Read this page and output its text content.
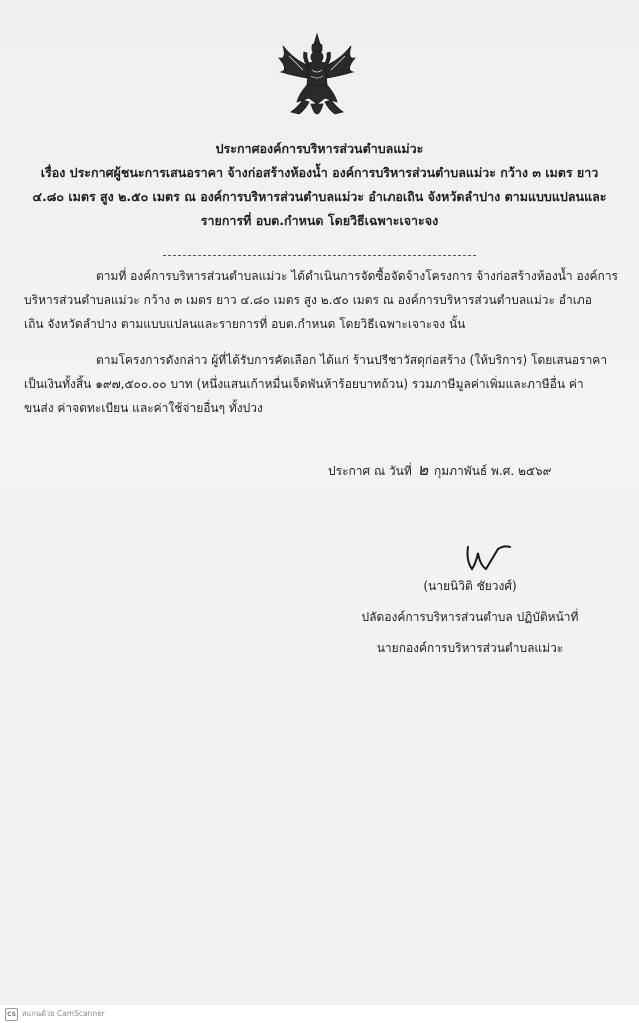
ประกาศองค์การบริหารส่วนตำบลแม่วะ
เรื่อง ประกาศผู้ชนะการเสนอราคา จ้างก่อสร้างห้องน้ำ องค์การบริหารส่วนตำบลแม่วะ กว้าง ๓ เมตร ยาว
๔.๘๐ เมตร สูง ๒.๕๐ เมตร ณ องค์การบริหารส่วนตำบลแม่วะ อำเภอเถิน จังหวัดลำปาง ตามแบบแปลนและ
รายการที่ อบต.กำหนด โดยวิธีเฉพาะเจาะจง
ตามที่ องค์การบริหารส่วนตำบลแม่วะ ได้ดำเนินการจัดซื้อจัดจ้างโครงการ จ้างก่อสร้างห้องน้ำ องค์การ
บริหารส่วนตำบลแม่วะ กว้าง ๓ เมตร ยาว ๔.๘๐ เมตร สูง ๒.๕๐ เมตร ณ องค์การบริหารส่วนตำบลแม่วะ อำเภอ
เถิน จังหวัดลำปาง ตามแบบแปลนและรายการที่ อบต.กำหนด โดยวิธีเฉพาะเจาะจง นั้น
ตามโครงการดังกล่าว ผู้ที่ได้รับการคัดเลือก ได้แก่ ร้านปรีชาวัสดุก่อสร้าง (ให้บริการ) โดยเสนอราคา
เป็นเงินทั้งสิ้น ๑๙๗,๕๐๐.๐๐ บาท (หนึ่งแสนเก้าหมื่นเจ็ดพันห้าร้อยบาทถ้วน) รวมภาษีมูลค่าเพิ่มและภาษีอื่น ค่า
ขนส่ง ค่าจดทะเบียน และค่าใช้จ่ายอื่นๆ ทั้งปวง
ประกาศ ณ วันที่ ๒ กุมภาพันธ์ พ.ศ. ๒๕๖๙
(นายนิวิติ ชัยวงศ์)
ปลัดองค์การบริหารส่วนตำบล ปฏิบัติหน้าที่
นายกองค์การบริหารส่วนตำบลแม่วะ
CS สแกนด้วย CamScanner
